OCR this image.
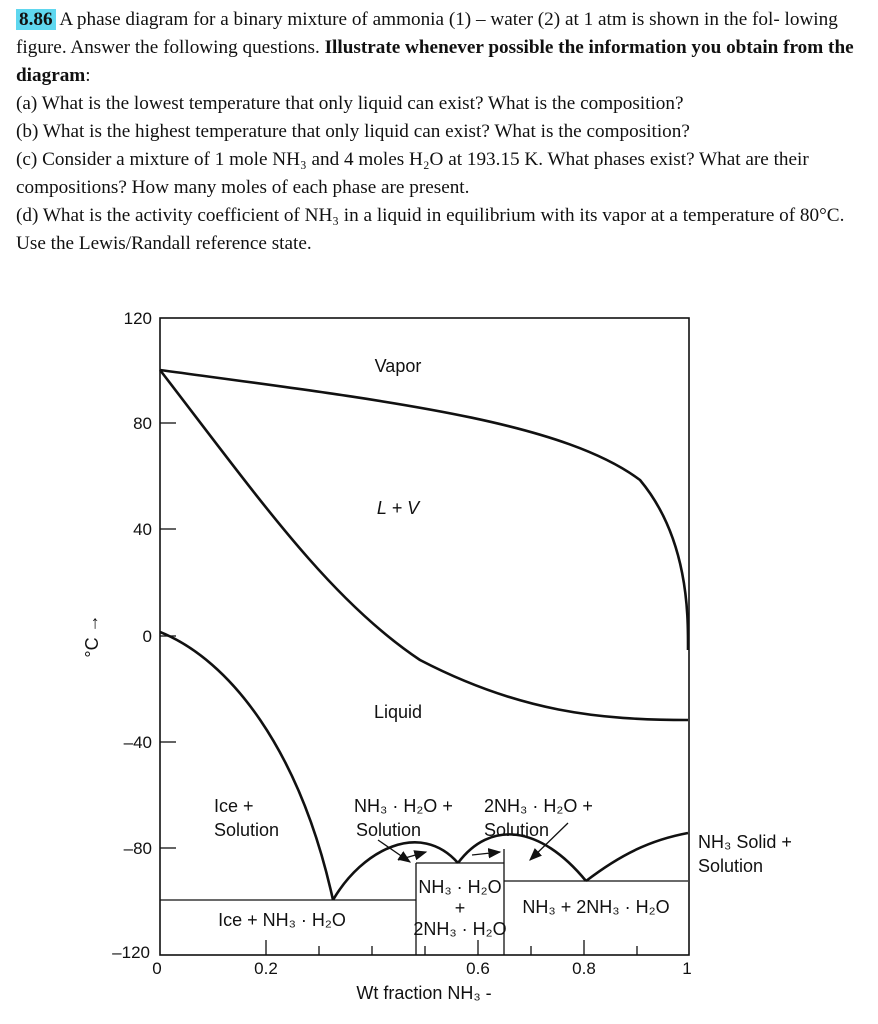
8.86 A phase diagram for a binary mixture of ammonia (1) – water (2) at 1 atm is shown in the fol- lowing figure. Answer the following questions. Illustrate whenever possible the information you obtain from the diagram:

(a) What is the lowest temperature that only liquid can exist? What is the composition?

(b) What is the highest temperature that only liquid can exist? What is the composition?

(c) Consider a mixture of 1 mole NH₃ and 4 moles H₂O at 193.15 K. What phases exist? What are their compositions? How many moles of each phase are present.

(d) What is the activity coefficient of NH₃ in a liquid in equilibrium with its vapor at a temperature of 80°C. Use the Lewis/Randall reference state.

120
80
40
0
–40
–80
–120
0	0.2	0.6	0.8	1
Wt fraction NH₃ -
°C →
Vapor
L + V
Liquid
Ice +
Solution
NH₃ · H₂O +
Solution
2NH₃ · H₂O +
Solution
NH₃ Solid +
Solution
Ice + NH₃ · H₂O
NH₃ · H₂O
+
2NH₃ · H₂O
NH₃ + 2NH₃ · H₂O
